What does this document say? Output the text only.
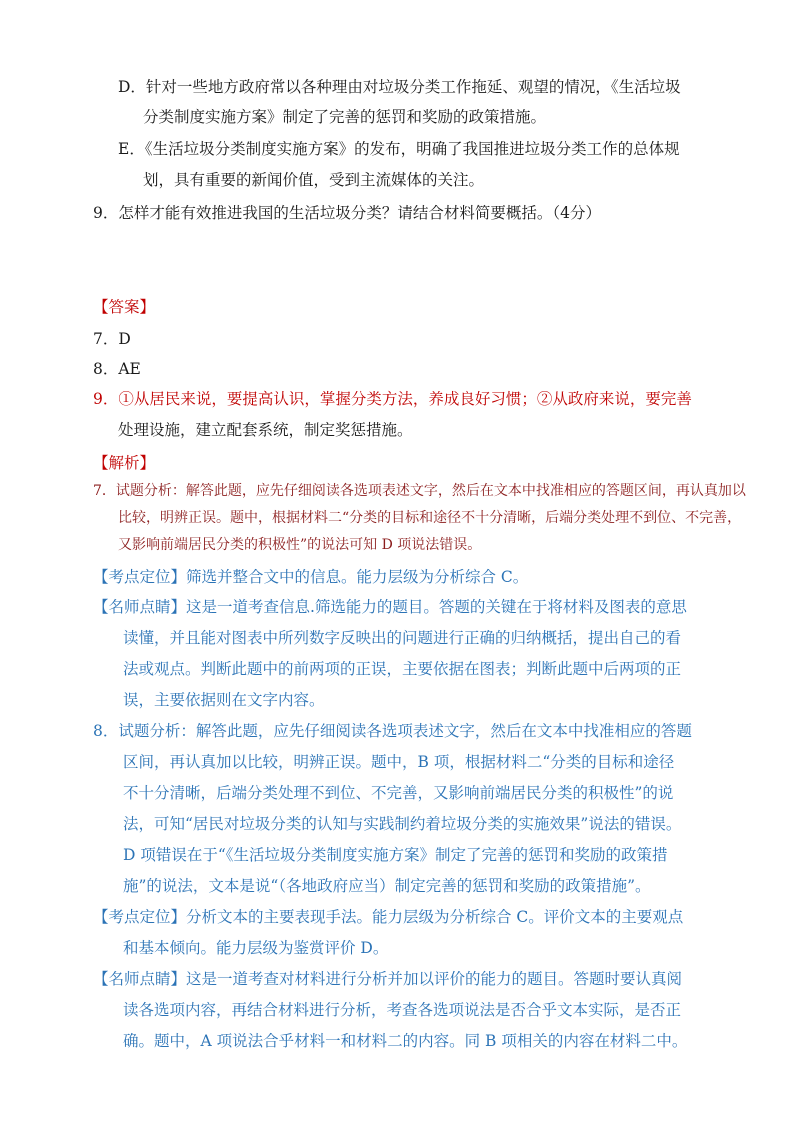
D．针对一些地方政府常以各种理由对垃圾分类工作拖延、观望的情况，《生活垃圾
分类制度实施方案》制定了完善的惩罚和奖励的政策措施。
E．《生活垃圾分类制度实施方案》的发布，明确了我国推进垃圾分类工作的总体规
划，具有重要的新闻价值，受到主流媒体的关注。
9．怎样才能有效推进我国的生活垃圾分类？请结合材料简要概括。（4分）
【答案】
7．D
8．AE
9．①从居民来说，要提高认识，掌握分类方法，养成良好习惯；②从政府来说，要完善
处理设施，建立配套系统，制定奖惩措施。
【解析】
7．试题分析：解答此题，应先仔细阅读各选项表述文字，然后在文本中找准相应的答题区间，再认真加以
比较，明辨正误。题中，根据材料二“分类的目标和途径不十分清晰，后端分类处理不到位、不完善，
又影响前端居民分类的积极性”的说法可知 D 项说法错误。
【考点定位】筛选并整合文中的信息。能力层级为分析综合 C。
【名师点睛】这是一道考查信息.筛选能力的题目。答题的关键在于将材料及图表的意思
读懂，并且能对图表中所列数字反映出的问题进行正确的归纳概括，提出自己的看
法或观点。判断此题中的前两项的正误，主要依据在图表；判断此题中后两项的正
误，主要依据则在文字内容。
8．试题分析：解答此题，应先仔细阅读各选项表述文字，然后在文本中找准相应的答题
区间，再认真加以比较，明辨正误。题中，B 项，根据材料二“分类的目标和途径
不十分清晰，后端分类处理不到位、不完善，又影响前端居民分类的积极性”的说
法，可知“居民对垃圾分类的认知与实践制约着垃圾分类的实施效果”说法的错误。
D 项错误在于“《生活垃圾分类制度实施方案》制定了完善的惩罚和奖励的政策措
施”的说法，文本是说“（各地政府应当）制定完善的惩罚和奖励的政策措施”。
【考点定位】分析文本的主要表现手法。能力层级为分析综合 C。评价文本的主要观点
和基本倾向。能力层级为鉴赏评价 D。
【名师点睛】这是一道考查对材料进行分析并加以评价的能力的题目。答题时要认真阅
读各选项内容，再结合材料进行分析，考查各选项说法是否合乎文本实际，是否正
确。题中，A 项说法合乎材料一和材料二的内容。同 B 项相关的内容在材料二中。
